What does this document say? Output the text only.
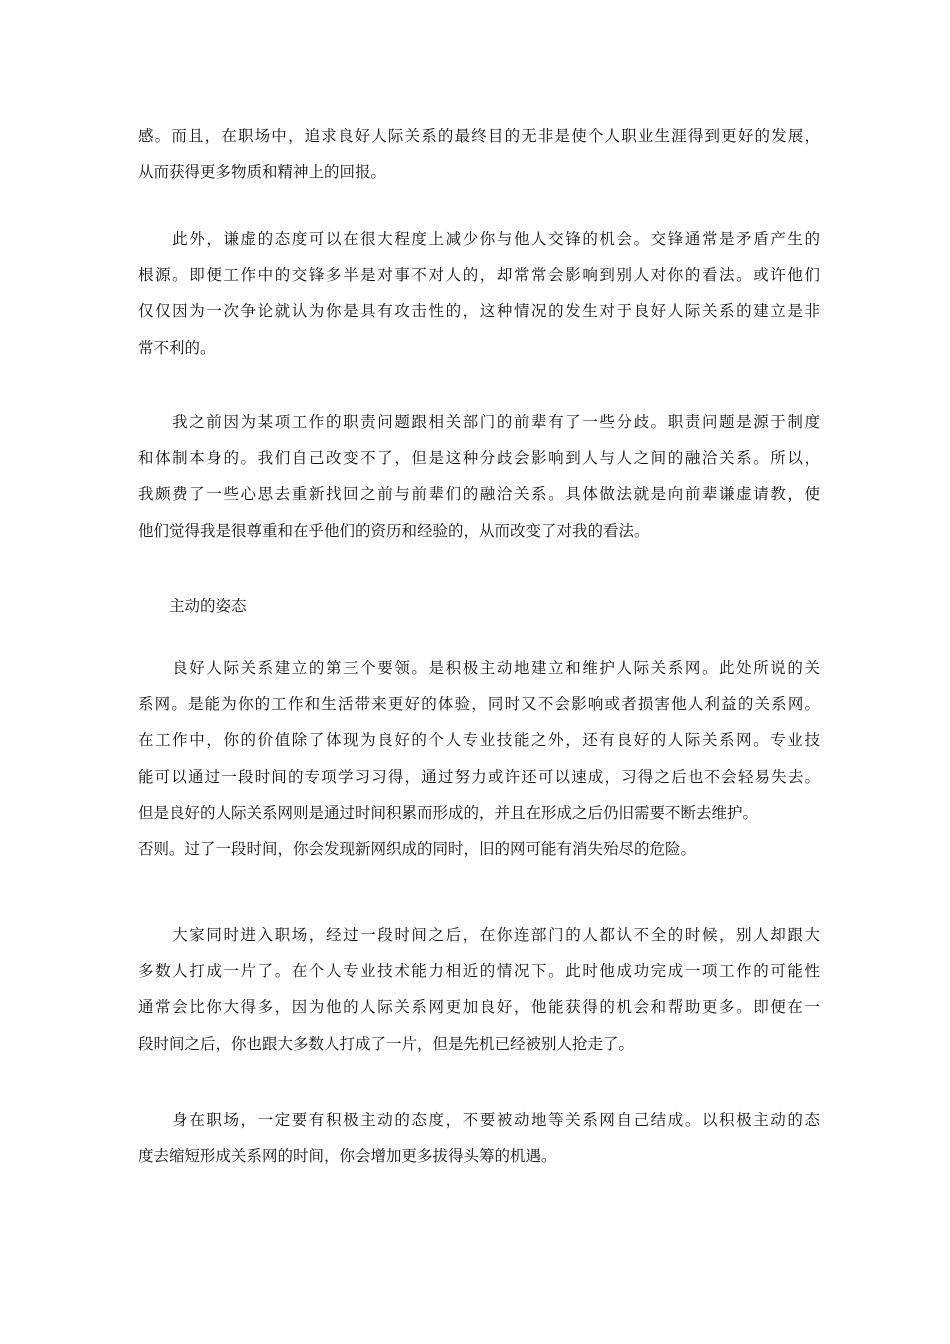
感。而且，在职场中，追求良好人际关系的最终目的无非是使个人职业生涯得到更好的发展，
从而获得更多物质和精神上的回报。
　　此外，谦虚的态度可以在很大程度上减少你与他人交锋的机会。交锋通常是矛盾产生的
根源。即便工作中的交锋多半是对事不对人的，却常常会影响到别人对你的看法。或许他们
仅仅因为一次争论就认为你是具有攻击性的，这种情况的发生对于良好人际关系的建立是非
常不利的。
　　我之前因为某项工作的职责问题跟相关部门的前辈有了一些分歧。职责问题是源于制度
和体制本身的。我们自己改变不了，但是这种分歧会影响到人与人之间的融洽关系。所以，
我颇费了一些心思去重新找回之前与前辈们的融洽关系。具体做法就是向前辈谦虚请教，使
他们觉得我是很尊重和在乎他们的资历和经验的，从而改变了对我的看法。
　　主动的姿态
　　良好人际关系建立的第三个要领。是积极主动地建立和维护人际关系网。此处所说的关
系网。是能为你的工作和生活带来更好的体验，同时又不会影响或者损害他人利益的关系网。
在工作中，你的价值除了体现为良好的个人专业技能之外，还有良好的人际关系网。专业技
能可以通过一段时间的专项学习习得，通过努力或许还可以速成，习得之后也不会轻易失去。
但是良好的人际关系网则是通过时间积累而形成的，并且在形成之后仍旧需要不断去维护。
否则。过了一段时间，你会发现新网织成的同时，旧的网可能有消失殆尽的危险。
　　大家同时进入职场，经过一段时间之后，在你连部门的人都认不全的时候，别人却跟大
多数人打成一片了。在个人专业技术能力相近的情况下。此时他成功完成一项工作的可能性
通常会比你大得多，因为他的人际关系网更加良好，他能获得的机会和帮助更多。即便在一
段时间之后，你也跟大多数人打成了一片，但是先机已经被别人抢走了。
　　身在职场，一定要有积极主动的态度，不要被动地等关系网自己结成。以积极主动的态
度去缩短形成关系网的时间，你会增加更多拔得头筹的机遇。
